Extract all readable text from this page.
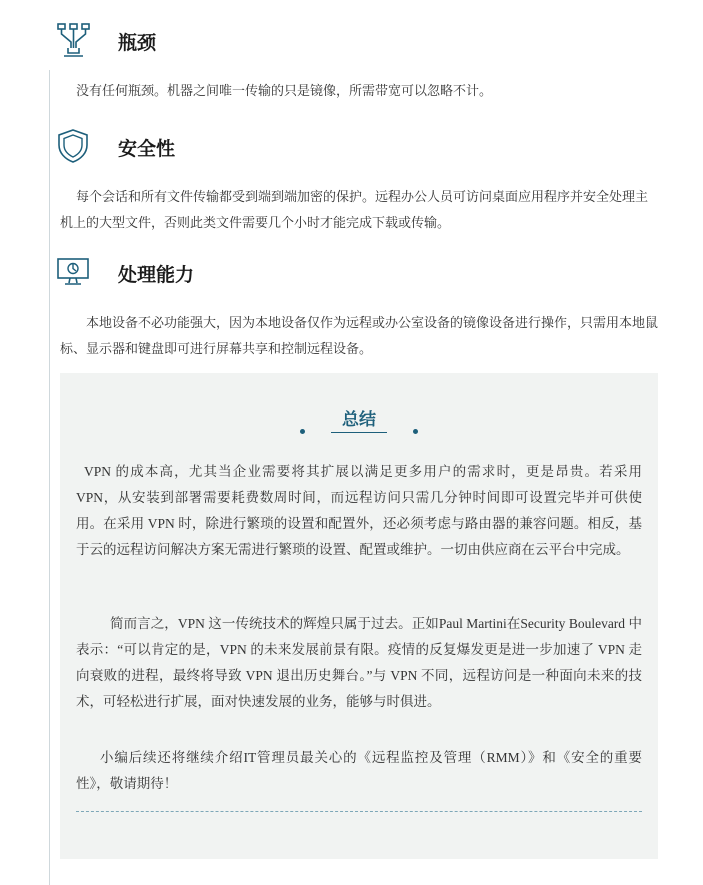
瓶颈
没有任何瓶颈。机器之间唯一传输的只是镜像，所需带宽可以忽略不计。
安全性
每个会话和所有文件传输都受到端到端加密的保护。远程办公人员可访问桌面应用程序并安全处理主机上的大型文件，否则此类文件需要几个小时才能完成下载或传输。
处理能力
本地设备不必功能强大，因为本地设备仅作为远程或办公室设备的镜像设备进行操作，只需用本地鼠标、显示器和键盘即可进行屏幕共享和控制远程设备。
总结
VPN 的成本高，尤其当企业需要将其扩展以满足更多用户的需求时，更是昂贵。若采用 VPN，从安装到部署需要耗费数周时间，而远程访问只需几分钟时间即可设置完毕并可供使用。在采用 VPN 时，除进行繁琐的设置和配置外，还必须考虑与路由器的兼容问题。相反，基于云的远程访问解决方案无需进行繁琐的设置、配置或维护。一切由供应商在云平台中完成。
简而言之，VPN 这一传统技术的辉煌只属于过去。正如Paul Martini在Security Boulevard 中表示：“可以肯定的是，VPN 的未来发展前景有限。疫情的反复爆发更是进一步加速了 VPN 走向衰败的进程，最终将导致 VPN 退出历史舞台。”与 VPN 不同，远程访问是一种面向未来的技术，可轻松进行扩展，面对快速发展的业务，能够与时俱进。
小编后续还将继续介绍IT管理员最关心的《远程监控及管理（RMM）》和《安全的重要性》，敬请期待！
